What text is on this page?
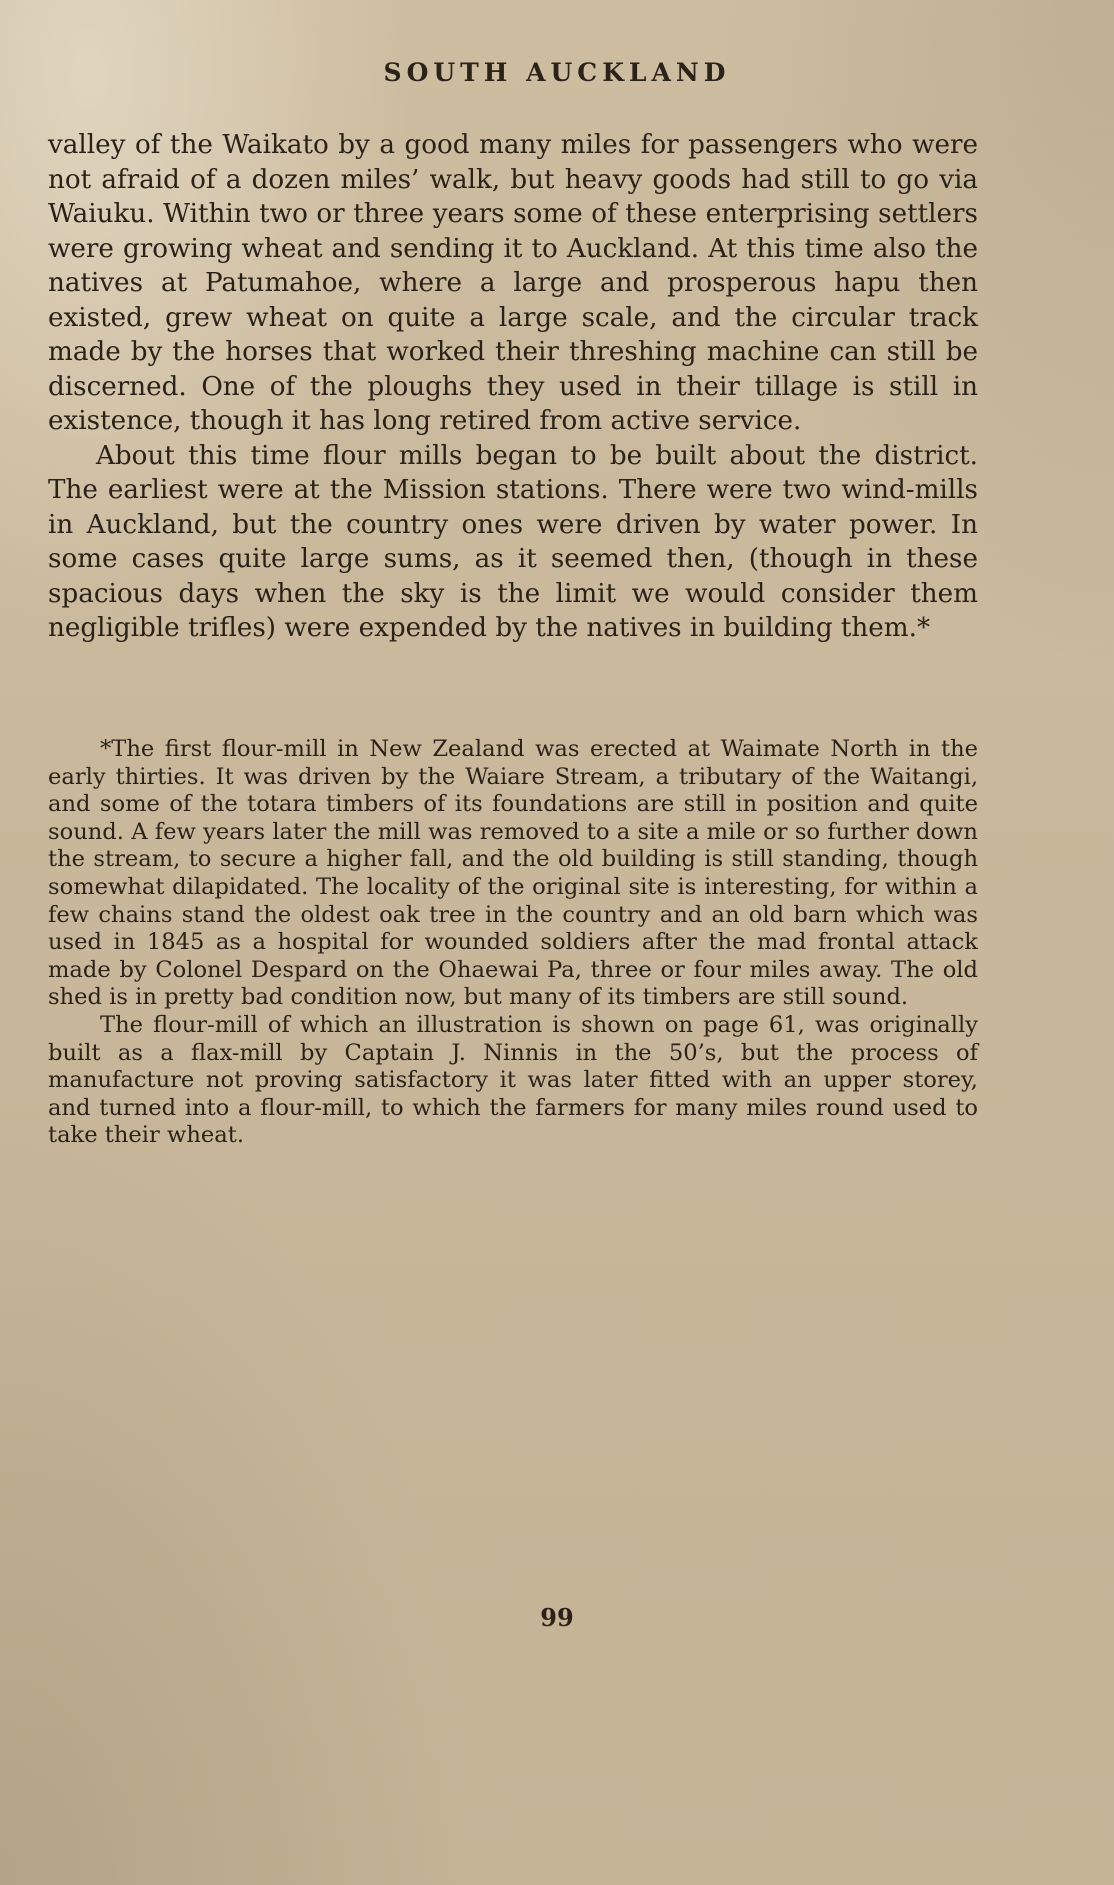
SOUTH AUCKLAND

valley of the Waikato by a good many miles for passengers who were not afraid of a dozen miles’ walk, but heavy goods had still to go via Waiuku. Within two or three years some of these enterprising settlers were growing wheat and sending it to Auckland. At this time also the natives at Patumahoe, where a large and prosperous hapu then existed, grew wheat on quite a large scale, and the circular track made by the horses that worked their threshing machine can still be discerned. One of the ploughs they used in their tillage is still in existence, though it has long retired from active service.

About this time flour mills began to be built about the district. The earliest were at the Mission stations. There were two wind-mills in Auckland, but the country ones were driven by water power. In some cases quite large sums, as it seemed then, (though in these spacious days when the sky is the limit we would consider them negligible trifles) were expended by the natives in building them.*

*The first flour-mill in New Zealand was erected at Waimate North in the early thirties. It was driven by the Waiare Stream, a tributary of the Waitangi, and some of the totara timbers of its foundations are still in position and quite sound. A few years later the mill was removed to a site a mile or so further down the stream, to secure a higher fall, and the old building is still standing, though somewhat dilapidated. The locality of the original site is interesting, for within a few chains stand the oldest oak tree in the country and an old barn which was used in 1845 as a hospital for wounded soldiers after the mad frontal attack made by Colonel Despard on the Ohaewai Pa, three or four miles away. The old shed is in pretty bad condition now, but many of its timbers are still sound.

The flour-mill of which an illustration is shown on page 61, was originally built as a flax-mill by Captain J. Ninnis in the 50’s, but the process of manufacture not proving satisfactory it was later fitted with an upper storey, and turned into a flour-mill, to which the farmers for many miles round used to take their wheat.

99
